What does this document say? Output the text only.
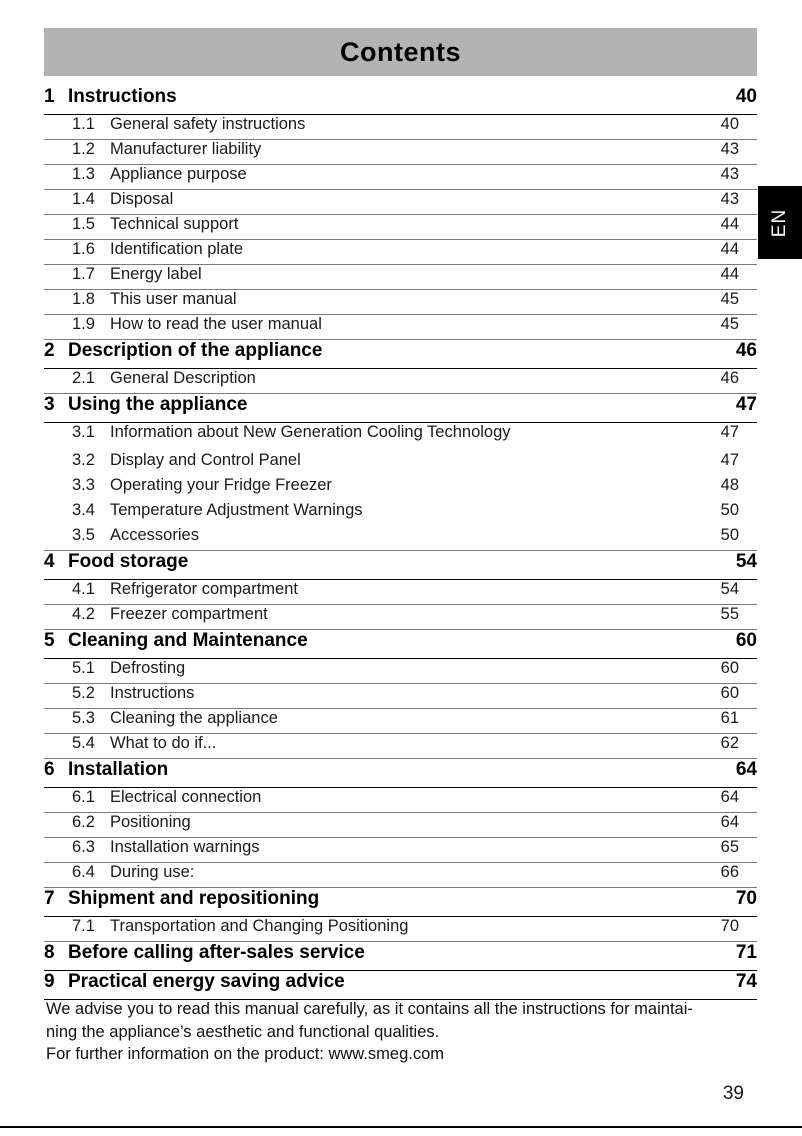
Contents
EN
1 Instructions	40
1.1 General safety instructions	40
1.2 Manufacturer liability	43
1.3 Appliance purpose	43
1.4 Disposal	43
1.5 Technical support	44
1.6 Identification plate	44
1.7 Energy label	44
1.8 This user manual	45
1.9 How to read the user manual	45
2 Description of the appliance	46
2.1 General Description	46
3 Using the appliance	47
3.1 Information about New Generation Cooling Technology	47
3.2 Display and Control Panel	47
3.3 Operating your Fridge Freezer	48
3.4 Temperature Adjustment Warnings	50
3.5 Accessories	50
4 Food storage	54
4.1 Refrigerator compartment	54
4.2 Freezer compartment	55
5 Cleaning and Maintenance	60
5.1 Defrosting	60
5.2 Instructions	60
5.3 Cleaning the appliance	61
5.4 What to do if...	62
6 Installation	64
6.1 Electrical connection	64
6.2 Positioning	64
6.3 Installation warnings	65
6.4 During use:	66
7 Shipment and repositioning	70
7.1 Transportation and Changing Positioning	70
8 Before calling after-sales service	71
9 Practical energy saving advice	74

We advise you to read this manual carefully, as it contains all the instructions for maintai-

ning the appliance’s aesthetic and functional qualities.

For further information on the product: www.smeg.com

39
